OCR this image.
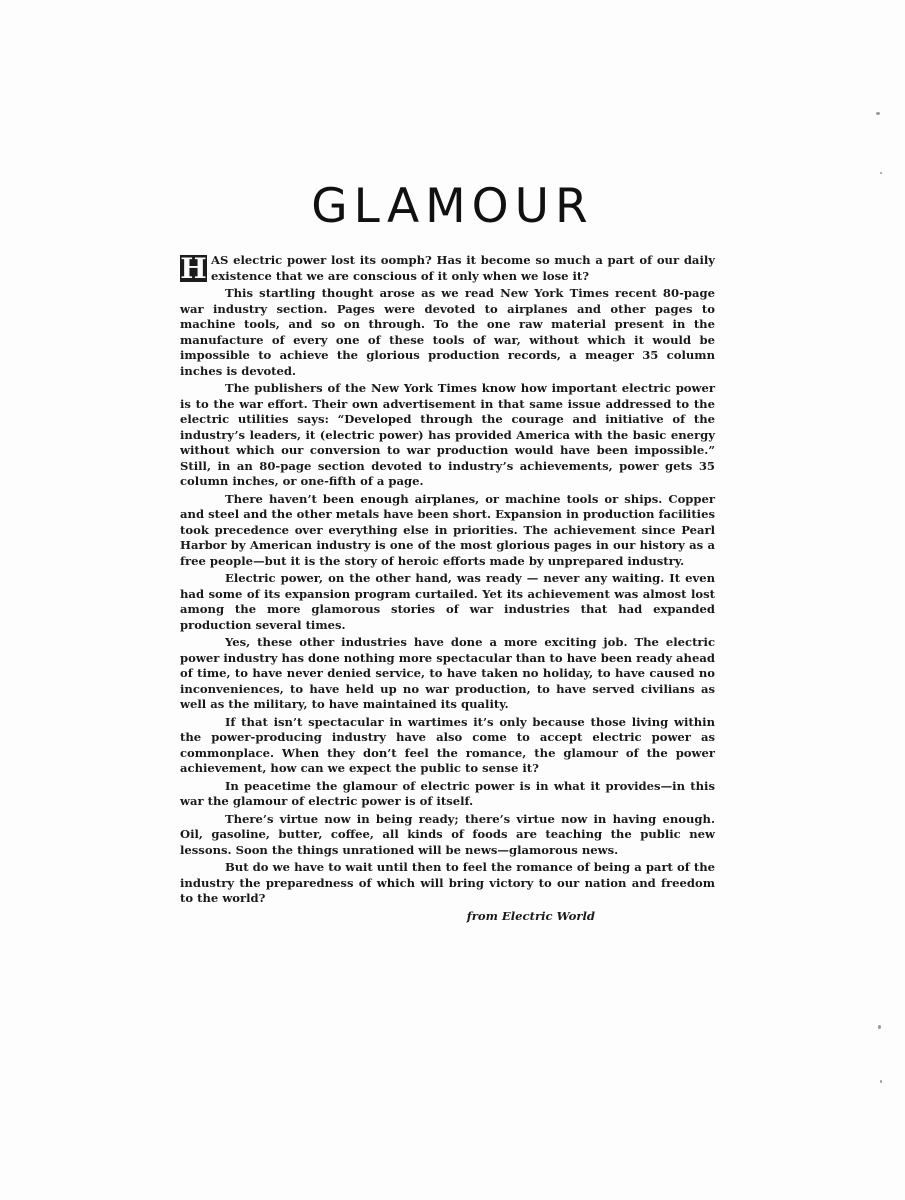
GLAMOUR

H AS electric power lost its oomph? Has it become so much a part of our daily existence that we are conscious of it only when we lose it?

This startling thought arose as we read New York Times recent 80-page war industry section. Pages were devoted to airplanes and other pages to machine tools, and so on through. To the one raw material present in the manufacture of every one of these tools of war, without which it would be impossible to achieve the glorious production records, a meager 35 column inches is devoted.

The publishers of the New York Times know how important electric power is to the war effort. Their own advertisement in that same issue addressed to the electric utilities says: “Developed through the courage and initiative of the industry’s leaders, it (electric power) has provided America with the basic energy without which our conversion to war production would have been impossible.” Still, in an 80-page section devoted to industry’s achievements, power gets 35 column inches, or one-fifth of a page.

There haven’t been enough airplanes, or machine tools or ships. Copper and steel and the other metals have been short. Expansion in production facilities took precedence over everything else in priorities. The achievement since Pearl Harbor by American industry is one of the most glorious pages in our history as a free people—but it is the story of heroic efforts made by unprepared industry.

Electric power, on the other hand, was ready — never any waiting. It even had some of its expansion program curtailed. Yet its achievement was almost lost among the more glamorous stories of war industries that had expanded production several times.

Yes, these other industries have done a more exciting job. The electric power industry has done nothing more spectacular than to have been ready ahead of time, to have never denied service, to have taken no holiday, to have caused no inconveniences, to have held up no war production, to have served civilians as well as the military, to have maintained its quality.

If that isn’t spectacular in wartimes it’s only because those living within the power-producing industry have also come to accept electric power as commonplace. When they don’t feel the romance, the glamour of the power achievement, how can we expect the public to sense it?

In peacetime the glamour of electric power is in what it provides—in this war the glamour of electric power is of itself.

There’s virtue now in being ready; there’s virtue now in having enough. Oil, gasoline, butter, coffee, all kinds of foods are teaching the public new lessons. Soon the things unrationed will be news—glamorous news.

But do we have to wait until then to feel the romance of being a part of the industry the preparedness of which will bring victory to our nation and freedom to the world?

from Electric World
